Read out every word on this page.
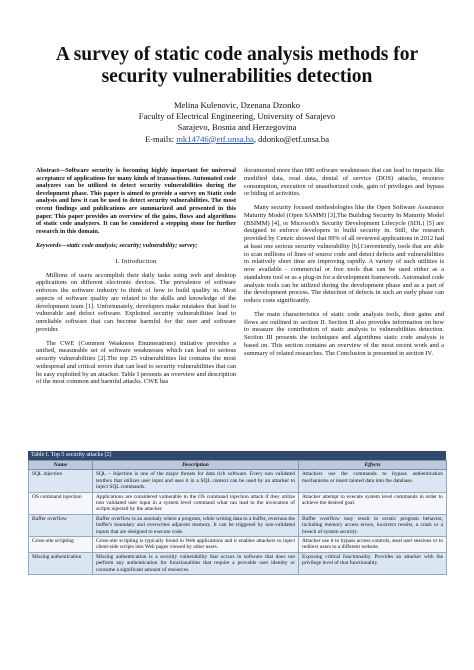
A survey of static code analysis methods for
security vulnerabilities detection
Melina Kulenovic, Dzenana Dzonko
Faculty of Electrical Engineering, University of Sarajevo
Sarajevo, Bosnia and Herzegovina
E-mails: mk14746@etf.unsa.ba, ddonko@etf.unsa.ba

Abstract—Software security is becoming highly important for universal acceptance of applications for many kinds of transactions. Automated code analyzers can be utilized to detect security vulnerabilities during the development phase. This paper is aimed to provide a survey on Static code analysis and how it can be used to detect security vulnerabilities. The most recent findings and publications are summarized and presented in this paper. This paper provides an overview of the gains, flows and algorithms of static code analyzers. It can be considered a stepping stone for further research in this domain.

Keywords—static code analysis; security; vulnerability; survey;

I. Introduction

Millions of users accomplish their daily tasks using web and desktop applications on different electronic devices. The prevalence of software enforces the software industry to think of how to build quality in. Most aspects of software quality are related to the skills and knowledge of the development team [1]. Unfortunately, developers make mistakes that lead to vulnerable and defect software. Exploited security vulnerabilities lead to unreliable software that can become harmful for the user and software provider.

The CWE (Common Weakness Enumerations) initiative provides a unified, measurable set of software weaknesses which can lead to serious security vulnerabilities [2].The top 25 vulnerabilities list contains the most widespread and critical errors that can lead to security vulnerabilities that can be easy exploited by an attacker. Table I presents an overview and description of the most common and harmful attacks. CWE has

documented more than 680 software weaknesses that can lead to impacts like modified data, read data, denial of service (DOS) attacks, resource consumption, execution of unauthorized code, gain of privileges and bypass or hiding of activities.

Many security focused methodologies like the Open Software Assurance Maturity Model (Open SAMM) [3],The Building Security In Maturity Model (BSIMM) [4], or Microsoft's Security Development Lifecycle (SDL) [5] are designed to enforce developers to build security in. Still, the research provided by Cenzic showed that 99% of all reviewed applications in 2012 had at least one serious security vulnerability [6].Conveniently, tools that are able to scan millions of lines of source code and detect defects and vulnerabilities in relatively short time are improving rapidly. A variety of such utilities is now available - commercial or free tools that can be used either as a standalone tool or as a plug-in for a development framework. Automated code analysis tools can be utilized during the development phase and as a part of the development process. The detection of defects in such an early phase can reduce costs significantly.

The main characteristics of static code analysis tools, their gains and flows are outlined in section II. Section II also provides information on how to measure the contribution of static analysis to vulnerabilities detection. Section III presents the techniques and algorithms static code analysis is based on. This section contains an overview of the most recent work and a summary of related researches. The Conclusion is presented in section IV.

Table I. Top 5 security attacks [2]
Name	Description	Effects
SQL injection	SQL – Injection is one of the major threats for data rich software. Every non validated textbox that utilizes user input and uses it in a SQL context can be used by an attacker to inject SQL commands.	Attackers use the commands to bypass authentication mechanisms or insert tainted data into the database.
OS command injection	Applications are considered vulnerable to the OS command injection attack if they utilize non validated user input in a system level command what can lead to the invocation of scripts injected by the attacker.	Attacker attempt to execute system level commands in order to achieve the desired goal.
Buffer overflow	Buffer overflow is an anomaly where a program, while writing data to a buffer, overruns the buffer's boundary and overwrites adjacent memory. It can be triggered by non-validated inputs that are designed to execute code.	Buffer overflow may result in erratic program behavior, including memory access errors, incorrect results, a crash or a breach of system security.
Cross-site scripting	Cross-site scripting is typically found in Web applications and it enables attackers to inject client-side scripts into Web pages viewed by other users.	Attacker use it to bypass access controls, steal user sessions or to redirect users to a different website.
Missing authentication	Missing authentication is a security vulnerability that occurs in software that does not perform any authentication for functionalities that require a provable user identity or consume a significant amount of resources.	Exposing critical functionality. Provides an attacker with the privilege level of that functionality.
